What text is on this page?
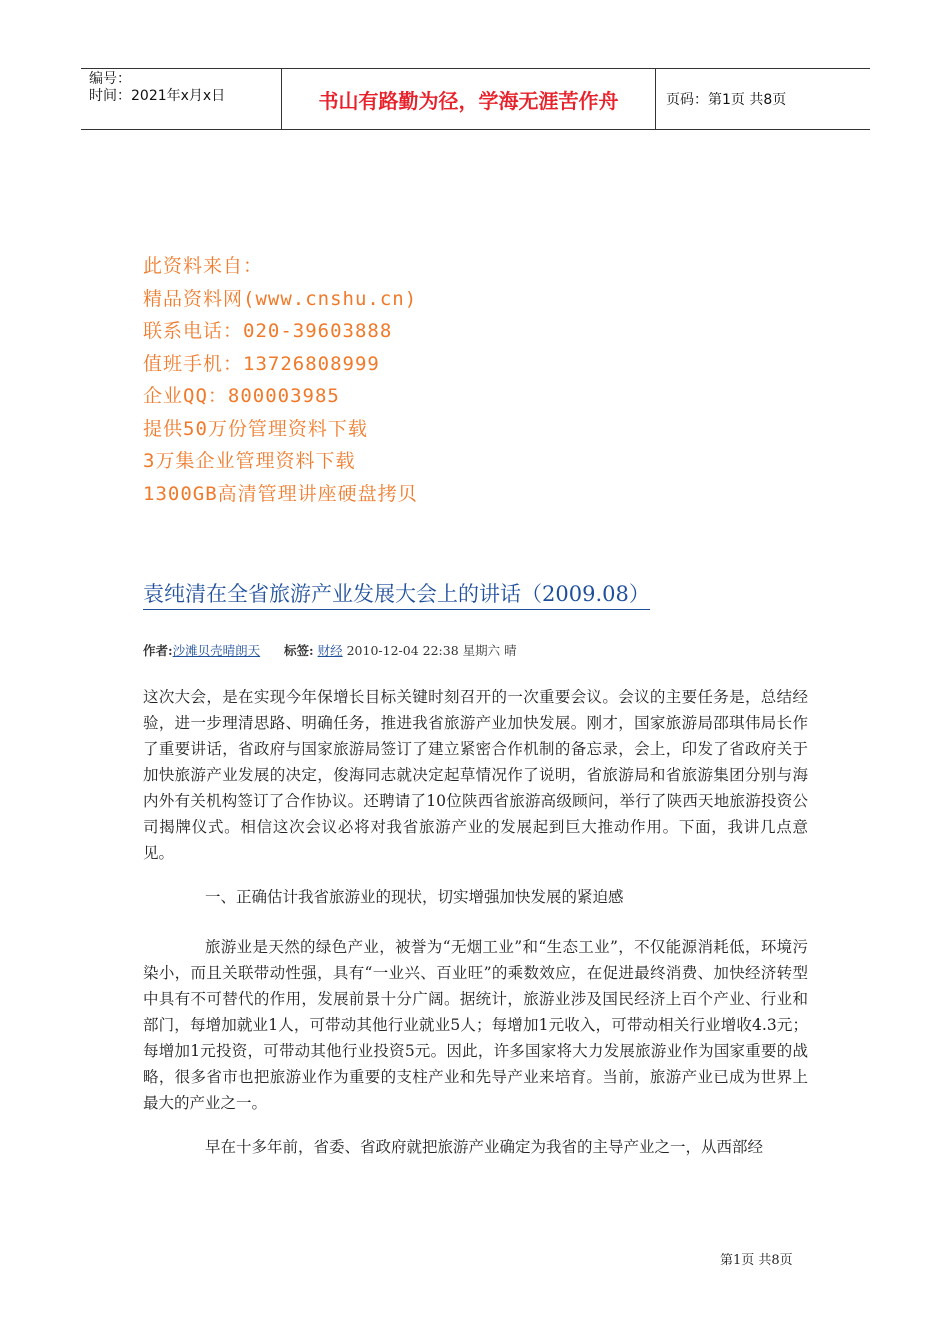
编号：
时间：2021年x月x日	书山有路勤为径，学海无涯苦作舟	页码：第1页 共8页
此资料来自：
精品资料网(www.cnshu.cn)
联系电话：020-39603888
值班手机：13726808999
企业QQ：800003985
提供50万份管理资料下载
3万集企业管理资料下载
1300GB高清管理讲座硬盘拷贝
袁纯清在全省旅游产业发展大会上的讲话（2009.08）
作者:沙滩贝壳晴朗天 标签: 财经 2010-12-04 22:38 星期六 晴
这次大会，是在实现今年保增长目标关键时刻召开的一次重要会议。会议的主要任务是，总结经验，进一步理清思路、明确任务，推进我省旅游产业加快发展。刚才，国家旅游局邵琪伟局长作了重要讲话，省政府与国家旅游局签订了建立紧密合作机制的备忘录，会上，印发了省政府关于加快旅游产业发展的决定，俊海同志就决定起草情况作了说明，省旅游局和省旅游集团分别与海内外有关机构签订了合作协议。还聘请了10位陕西省旅游高级顾问，举行了陕西天地旅游投资公司揭牌仪式。相信这次会议必将对我省旅游产业的发展起到巨大推动作用。下面，我讲几点意见。
一、正确估计我省旅游业的现状，切实增强加快发展的紧迫感
旅游业是天然的绿色产业，被誉为“无烟工业”和“生态工业”，不仅能源消耗低，环境污染小，而且关联带动性强，具有“一业兴、百业旺”的乘数效应，在促进最终消费、加快经济转型中具有不可替代的作用，发展前景十分广阔。据统计，旅游业涉及国民经济上百个产业、行业和部门，每增加就业1人，可带动其他行业就业5人；每增加1元收入，可带动相关行业增收4.3元；每增加1元投资，可带动其他行业投资5元。因此，许多国家将大力发展旅游业作为国家重要的战略，很多省市也把旅游业作为重要的支柱产业和先导产业来培育。当前，旅游产业已成为世界上最大的产业之一。
早在十多年前，省委、省政府就把旅游产业确定为我省的主导产业之一，从西部经
第1页 共8页
